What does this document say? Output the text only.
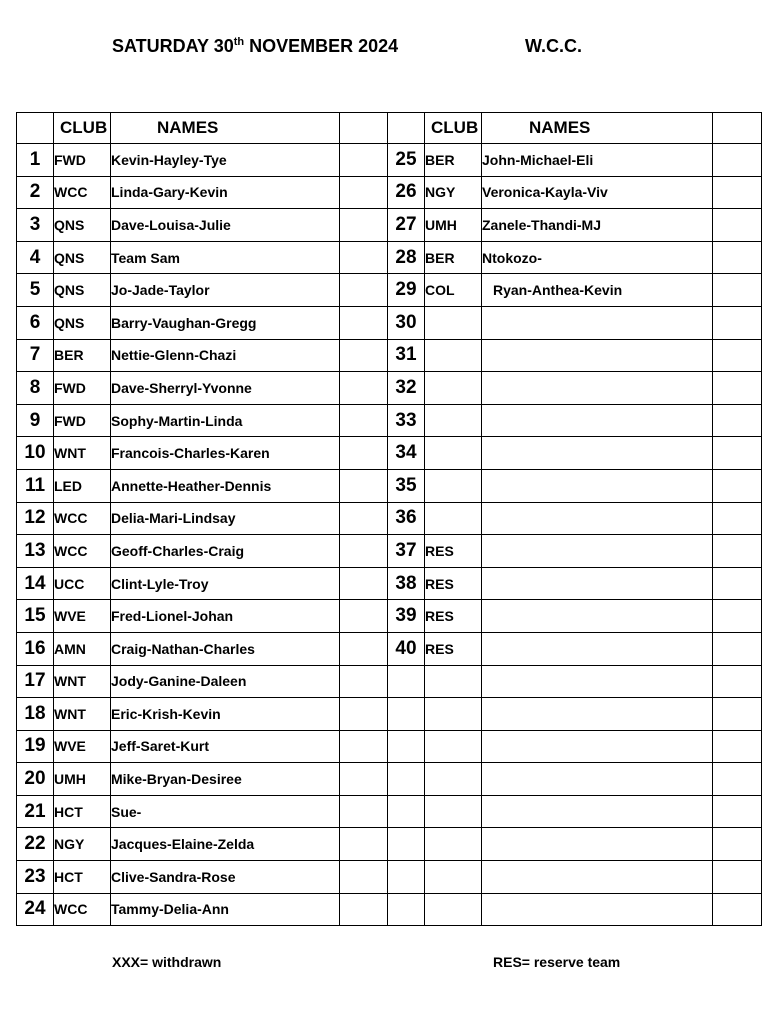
SATURDAY 30th NOVEMBER 2024	W.C.C.
	CLUB	NAMES			CLUB	NAMES	
1	FWD	Kevin-Hayley-Tye		25	BER	John-Michael-Eli	
2	WCC	Linda-Gary-Kevin		26	NGY	Veronica-Kayla-Viv	
3	QNS	Dave-Louisa-Julie		27	UMH	Zanele-Thandi-MJ	
4	QNS	Team Sam		28	BER	Ntokozo-	
5	QNS	Jo-Jade-Taylor		29	COL	Ryan-Anthea-Kevin	
6	QNS	Barry-Vaughan-Gregg		30			
7	BER	Nettie-Glenn-Chazi		31			
8	FWD	Dave-Sherryl-Yvonne		32			
9	FWD	Sophy-Martin-Linda		33			
10	WNT	Francois-Charles-Karen		34			
11	LED	Annette-Heather-Dennis		35			
12	WCC	Delia-Mari-Lindsay		36			
13	WCC	Geoff-Charles-Craig		37	RES		
14	UCC	Clint-Lyle-Troy		38	RES		
15	WVE	Fred-Lionel-Johan		39	RES		
16	AMN	Craig-Nathan-Charles		40	RES		
17	WNT	Jody-Ganine-Daleen					
18	WNT	Eric-Krish-Kevin					
19	WVE	Jeff-Saret-Kurt					
20	UMH	Mike-Bryan-Desiree					
21	HCT	Sue-					
22	NGY	Jacques-Elaine-Zelda					
23	HCT	Clive-Sandra-Rose					
24	WCC	Tammy-Delia-Ann					
XXX= withdrawn	RES= reserve team
